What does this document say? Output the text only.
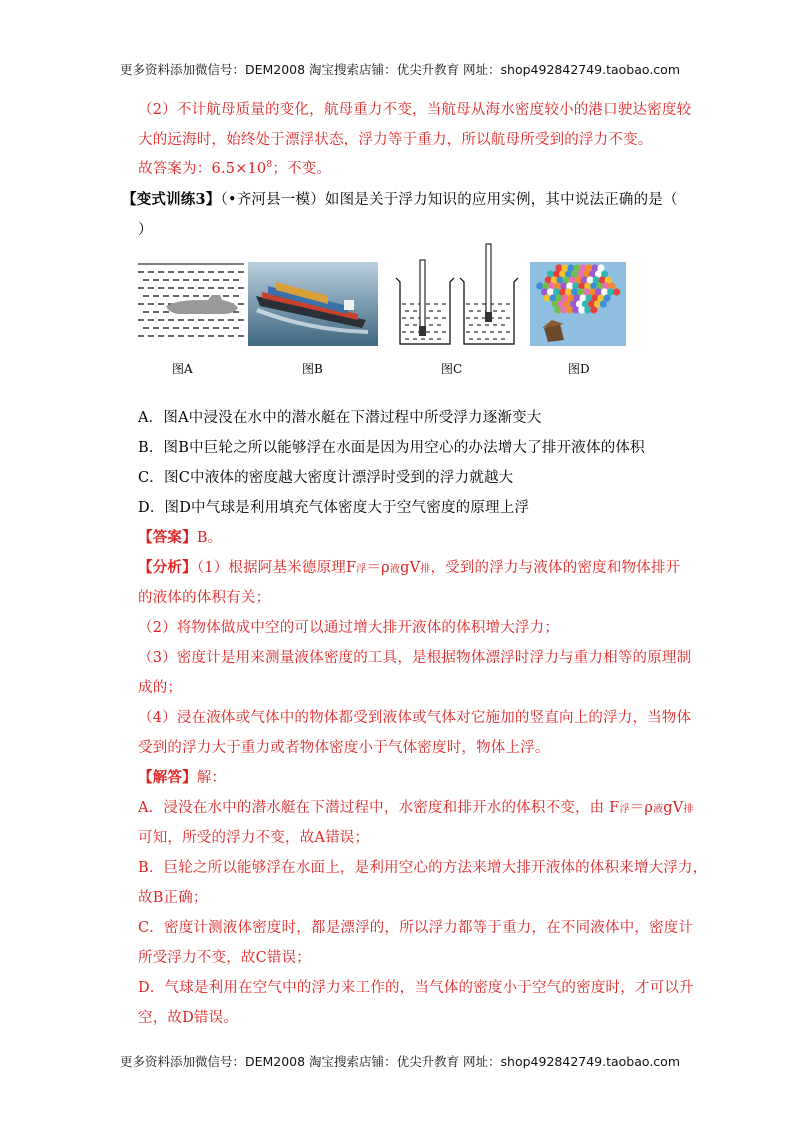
更多资料添加微信号：DEM2008 淘宝搜索店铺：优尖升教育 网址：shop492842749.taobao.com
更多资料添加微信号：DEM2008 淘宝搜索店铺：优尖升教育 网址：shop492842749.taobao.com
（2）不计航母质量的变化，航母重力不变，当航母从海水密度较小的港口驶达密度较
大的远海时，始终处于漂浮状态，浮力等于重力，所以航母所受到的浮力不变。
故答案为：$6.5\times 10^8$；不变。
【变式训练3】（•齐河县一模）如图是关于浮力知识的应用实例，其中说法正确的是（
）
图A	图B	图C	图D
A．图A中浸没在水中的潜水艇在下潜过程中所受浮力逐渐变大
B．图B中巨轮之所以能够浮在水面是因为用空心的办法增大了排开液体的体积
C．图C中液体的密度越大密度计漂浮时受到的浮力就越大
D．图D中气球是利用填充气体密度大于空气密度的原理上浮
【答案】B。
【分析】（1）根据阿基米德原理F浮＝ρ液gV排，受到的浮力与液体的密度和物体排开
的液体的体积有关；
（2）将物体做成中空的可以通过增大排开液体的体积增大浮力；
（3）密度计是用来测量液体密度的工具，是根据物体漂浮时浮力与重力相等的原理制
成的；
（4）浸在液体或气体中的物体都受到液体或气体对它施加的竖直向上的浮力，当物体
受到的浮力大于重力或者物体密度小于气体密度时，物体上浮。
【解答】解：
A．浸没在水中的潜水艇在下潜过程中，水密度和排开水的体积不变，由 F浮＝ρ液gV排
可知，所受的浮力不变，故A错误；
B．巨轮之所以能够浮在水面上，是利用空心的方法来增大排开液体的体积来增大浮力，
故B正确；
C．密度计测液体密度时，都是漂浮的，所以浮力都等于重力，在不同液体中，密度计
所受浮力不变，故C错误；
D．气球是利用在空气中的浮力来工作的，当气体的密度小于空气的密度时，才可以升
空，故D错误。
